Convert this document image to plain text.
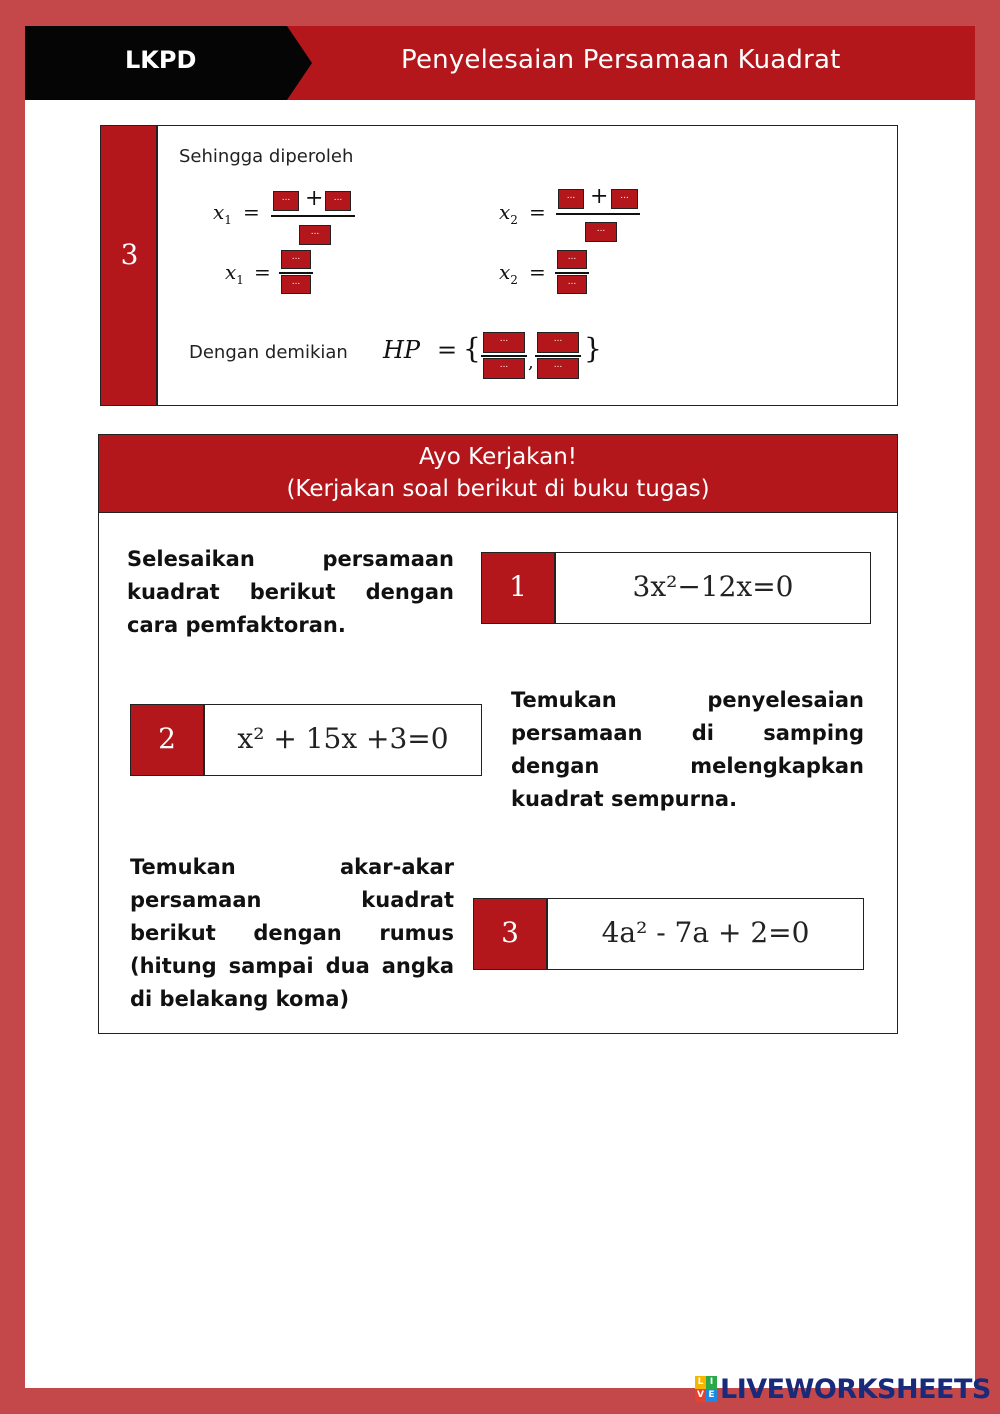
LKPD	Penyelesaian Persamaan Kuadrat
3
Sehingga diperoleh
$x_1$ =
... +	...
...
$x_1$ =
...
...
$x_2$ =
... +	...
...
$x_2$ =
...
...
Dengan demikian HP = {	...
...	,
...
... }
Ayo Kerjakan!
(Kerjakan soal berikut di buku tugas)
Selesaikan persamaan kuadrat berikut dengan cara pemfaktoran.
1	3x²−12x=0
2	x² + 15x +3=0
Temukan penyelesaian persamaan di samping dengan melengkapkan kuadrat sempurna.
Temukan akar-akar persamaan kuadrat berikut dengan rumus (hitung sampai dua angka di belakang koma)
3	4a² - 7a + 2=0
L I
V E LIVEWORKSHEETS
